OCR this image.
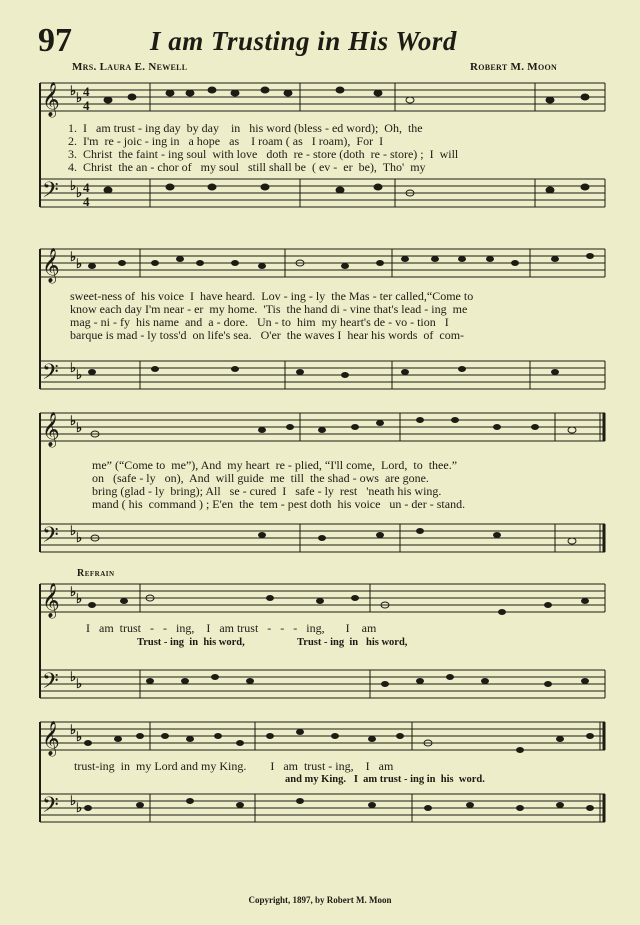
97	I am Trusting in His Word
Mrs. Laura E. Newell	Robert M. Moon
𝄞
𝄢
♭ ♭
♭ ♭
4
4
4
4
1.  I   am trust - ing day  by day    in   his word (bless - ed word);  Oh,  the
2.  I'm  re - joic - ing in   a hope   as    I roam ( as   I roam),  For  I
3.  Christ  the faint - ing soul  with love   doth  re - store (doth  re - store) ;  I  will
4.  Christ  the an - chor of   my soul   still shall be  ( ev -  er  be),  Tho'  my
𝄞
𝄢
♭ ♭
♭ ♭
sweet-ness of  his voice  I  have heard.  Lov - ing - ly  the Mas - ter called,“Come to
know each day I'm near - er  my home.  'Tis  the hand di - vine that's lead - ing  me
mag - ni - fy  his name  and  a - dore.   Un - to  him  my heart's de - vo - tion   I
barque is mad - ly toss'd  on life's sea.   O'er  the waves I  hear his words  of  com-
𝄞
𝄢
♭ ♭
♭ ♭
me” (“Come to  me”), And  my heart  re - plied, “I'll come,  Lord,  to  thee.”
on   (safe - ly   on),  And  will guide  me  till  the shad - ows  are gone.
bring (glad - ly  bring); All   se - cured  I   safe - ly  rest   'neath his wing.
mand ( his  command ) ; E'en  the  tem - pest doth  his voice   un - der - stand.
Refrain
𝄞
𝄢
♭ ♭
♭ ♭
I   am  trust   -   -   ing,    I   am trust   -   -   -   ing,       I    am
Trust - ing  in  his word,                    Trust - ing  in   his word,
𝄞
𝄢
♭ ♭
♭ ♭
trust-ing  in  my Lord and my King.        I   am  trust - ing,    I   am
and my King.   I  am trust - ing in  his  word.
Copyright, 1897, by Robert M. Moon
